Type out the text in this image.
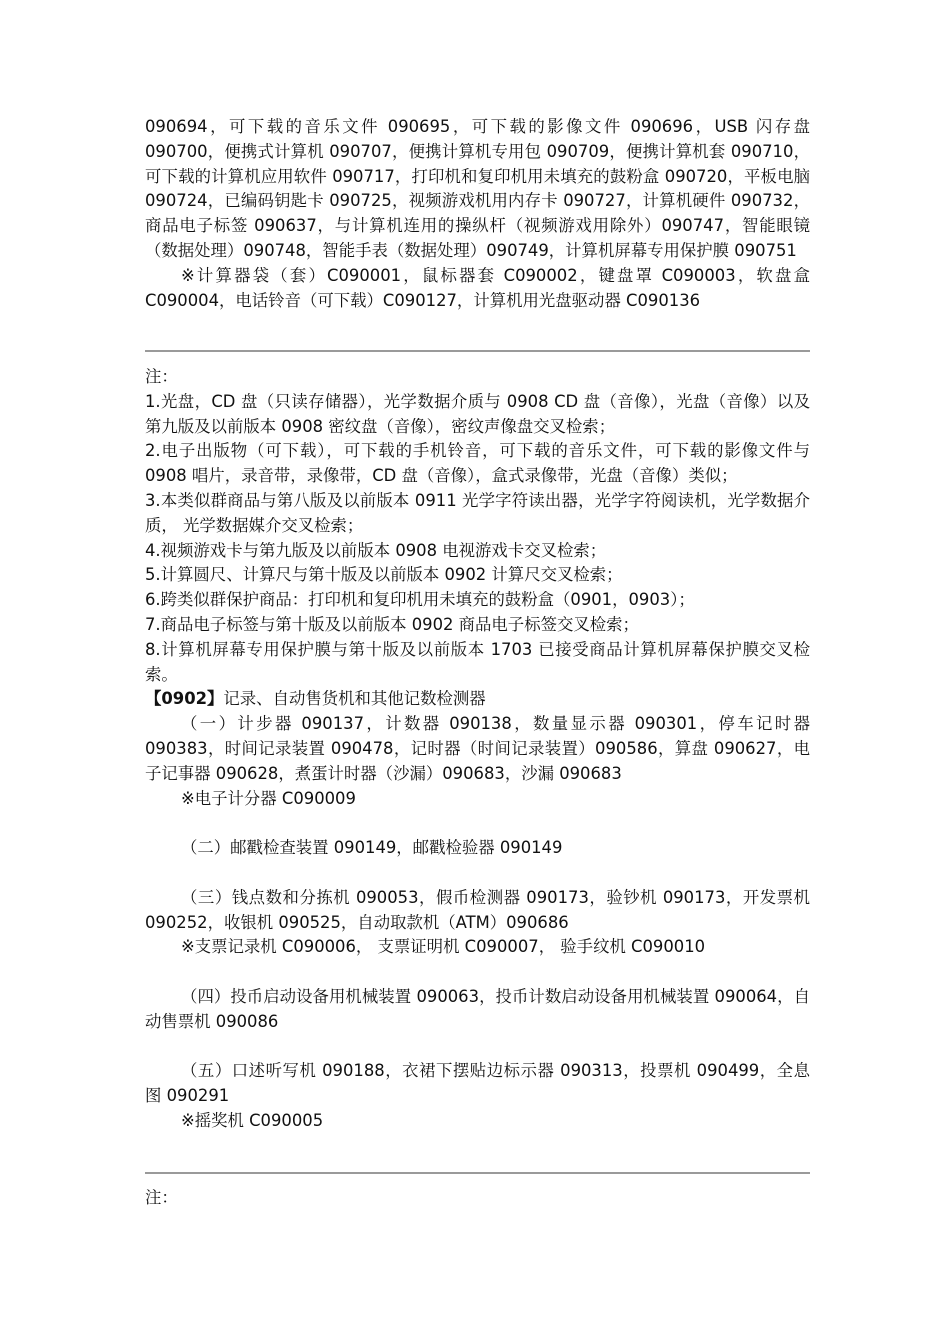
090694，可下载的音乐文件 090695，可下载的影像文件 090696，USB 闪存盘 090700，便携式计算机 090707，便携计算机专用包 090709，便携计算机套 090710，可下载的计算机应用软件 090717，打印机和复印机用未填充的鼓粉盒 090720，平板电脑 090724，已编码钥匙卡 090725，视频游戏机用内存卡 090727，计算机硬件 090732，商品电子标签 090637，与计算机连用的操纵杆（视频游戏用除外）090747，智能眼镜（数据处理）090748，智能手表（数据处理）090749，计算机屏幕专用保护膜 090751

※计算器袋（套）C090001，鼠标器套 C090002，键盘罩 C090003，软盘盒 C090004，电话铃音（可下载）C090127，计算机用光盘驱动器 C090136

注：

1.光盘，CD 盘（只读存储器），光学数据介质与 0908 CD 盘（音像），光盘（音像）以及第九版及以前版本 0908 密纹盘（音像），密纹声像盘交叉检索；

2.电子出版物（可下载），可下载的手机铃音，可下载的音乐文件，可下载的影像文件与 0908 唱片，录音带，录像带，CD 盘（音像），盒式录像带，光盘（音像）类似；

3.本类似群商品与第八版及以前版本 0911 光学字符读出器，光学字符阅读机，光学数据介质， 光学数据媒介交叉检索；

4.视频游戏卡与第九版及以前版本 0908 电视游戏卡交叉检索；

5.计算圆尺、计算尺与第十版及以前版本 0902 计算尺交叉检索；

6.跨类似群保护商品：打印机和复印机用未填充的鼓粉盒（0901，0903）；

7.商品电子标签与第十版及以前版本 0902 商品电子标签交叉检索；

8.计算机屏幕专用保护膜与第十版及以前版本 1703 已接受商品计算机屏幕保护膜交叉检索。

【0902】记录、自动售货机和其他记数检测器

（一）计步器 090137，计数器 090138，数量显示器 090301，停车记时器 090383，时间记录装置 090478，记时器（时间记录装置）090586，算盘 090627，电子记事器 090628，煮蛋计时器（沙漏）090683，沙漏 090683

※电子计分器 C090009

（二）邮戳检查装置 090149，邮戳检验器 090149

（三）钱点数和分拣机 090053，假币检测器 090173，验钞机 090173，开发票机 090252，收银机 090525，自动取款机（ATM）090686

※支票记录机 C090006， 支票证明机 C090007， 验手纹机 C090010

（四）投币启动设备用机械装置 090063，投币计数启动设备用机械装置 090064，自动售票机 090086

（五）口述听写机 090188，衣裙下摆贴边标示器 090313，投票机 090499，全息图 090291

※摇奖机 C090005

注：
